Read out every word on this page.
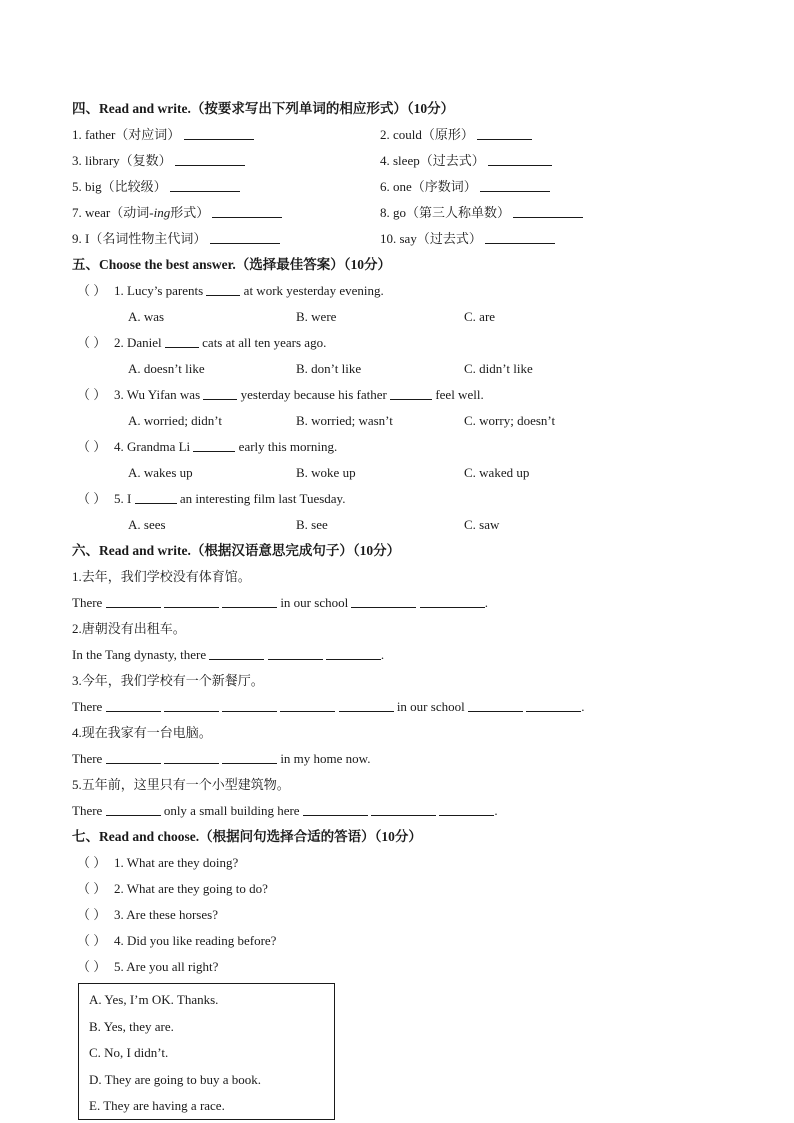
四、Read and write.（按要求写出下列单词的相应形式）（10分）
1. father（对应词）	2. could（原形）
3. library（复数）	4. sleep（过去式）
5. big（比较级）	6. one（序数词）
7. wear（动词-ing形式）	8. go（第三人称单数）
9. I（名词性物主代词）	10. say（过去式）
五、Choose the best answer.（选择最佳答案）（10分）
（ ） 1. Lucy’s parents	at work yesterday evening.
A. was	B. were	C. are
（ ） 2. Daniel	cats at all ten years ago.
A. doesn’t like	B. don’t like	C. didn’t like
（ ） 3. Wu Yifan was	yesterday because his father	feel well.
A. worried; didn’t	B. worried; wasn’t	C. worry; doesn’t
（ ） 4. Grandma Li	early this morning.
A. wakes up	B. woke up	C. waked up
（ ） 5. I	an interesting film last Tuesday.
A. sees	B. see	C. saw
六、Read and write.（根据汉语意思完成句子）（10分）
1.去年，我们学校没有体育馆。
There	in our school	.
2.唐朝没有出租车。
In the Tang dynasty, there	.
3.今年，我们学校有一个新餐厅。
There	in our school	.
4.现在我家有一台电脑。
There	in my home now.
5.五年前，这里只有一个小型建筑物。
There	only a small building here	.
七、Read and choose.（根据问句选择合适的答语）（10分）
（ ） 1. What are they doing?
（ ） 2. What are they going to do?
（ ） 3. Are these horses?
（ ） 4. Did you like reading before?
（ ） 5. Are you all right?
A. Yes, I’m OK. Thanks.
B. Yes, they are.
C. No, I didn’t.
D. They are going to buy a book.
E. They are having a race.
